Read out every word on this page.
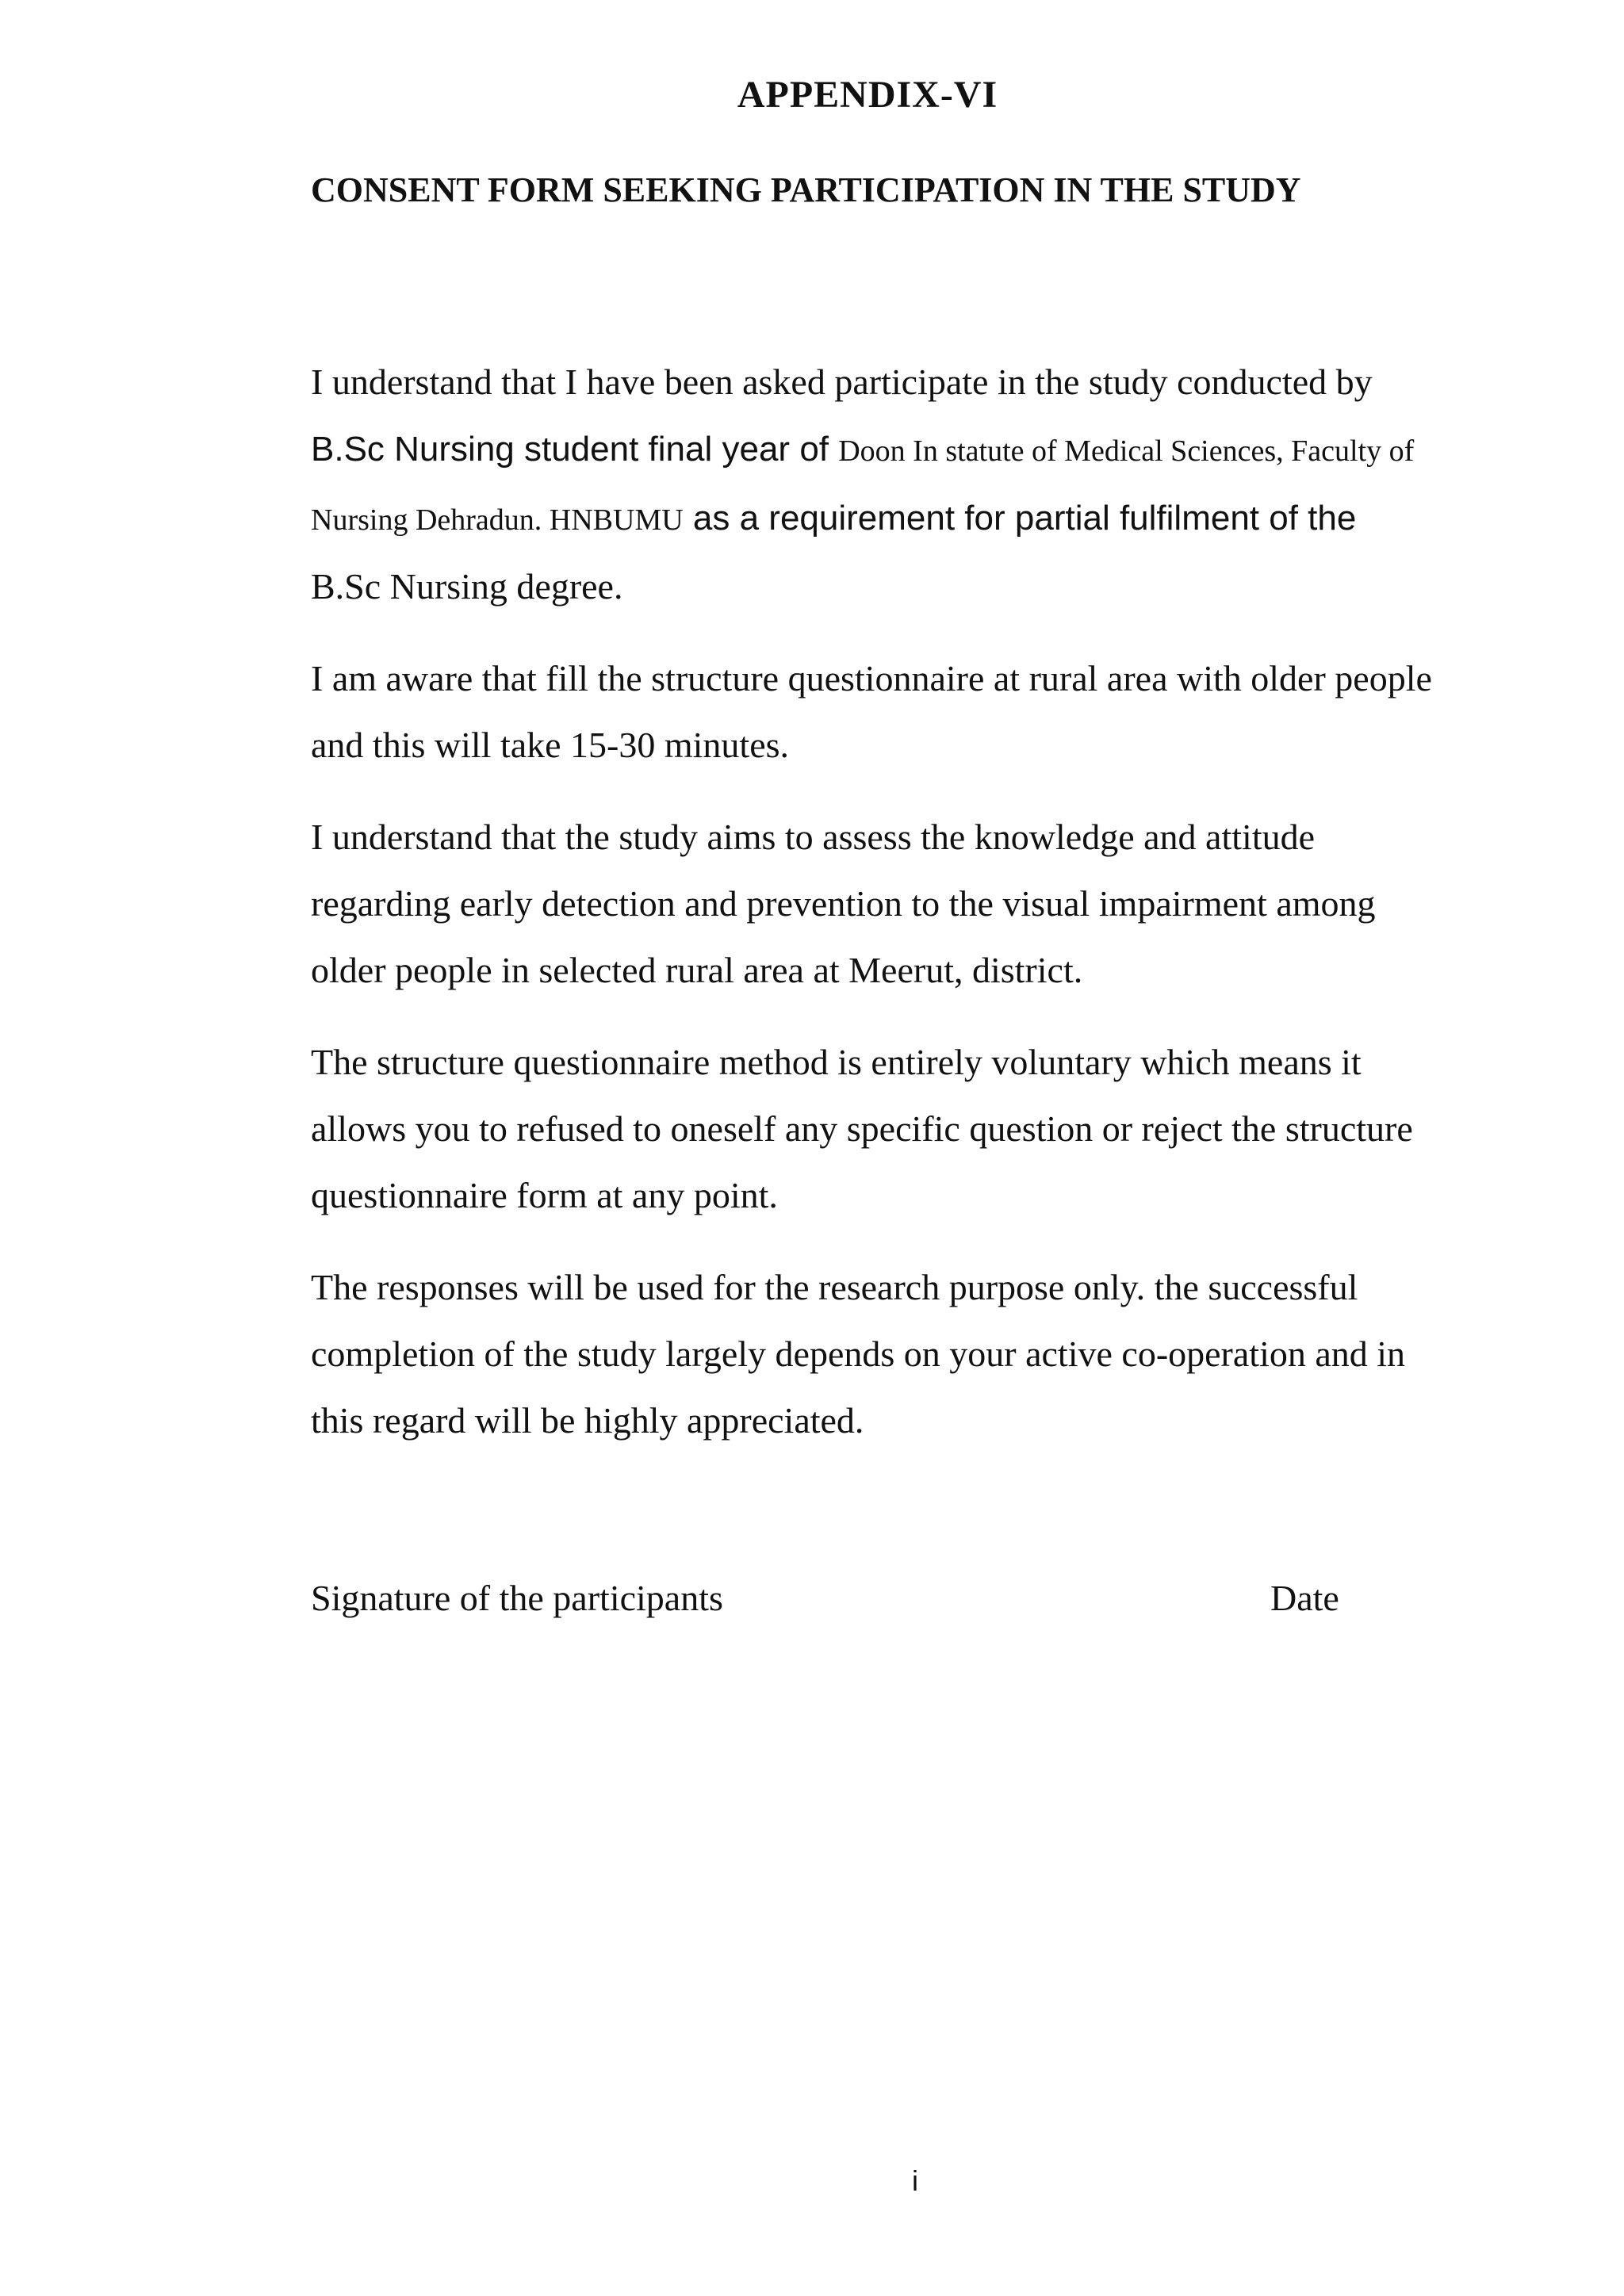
APPENDIX-VI
CONSENT FORM SEEKING PARTICIPATION IN THE STUDY

I understand that I have been asked participate in the study conducted by
B.Sc Nursing student final year of Doon In statute of Medical Sciences, Faculty of Nursing Dehradun. HNBUMU as a requirement for partial fulfilment of the
B.Sc Nursing degree.

I am aware that fill the structure questionnaire at rural area with older people and this will take 15-30 minutes.

I understand that the study aims to assess the knowledge and attitude regarding early detection and prevention to the visual impairment among older people in selected rural area at Meerut, district.

The structure questionnaire method is entirely voluntary which means it allows you to refused to oneself any specific question or reject the structure questionnaire form at any point.

The responses will be used for the research purpose only. the successful completion of the study largely depends on your active co-operation and in this regard will be highly appreciated.

Signature of the participants	Date
i
